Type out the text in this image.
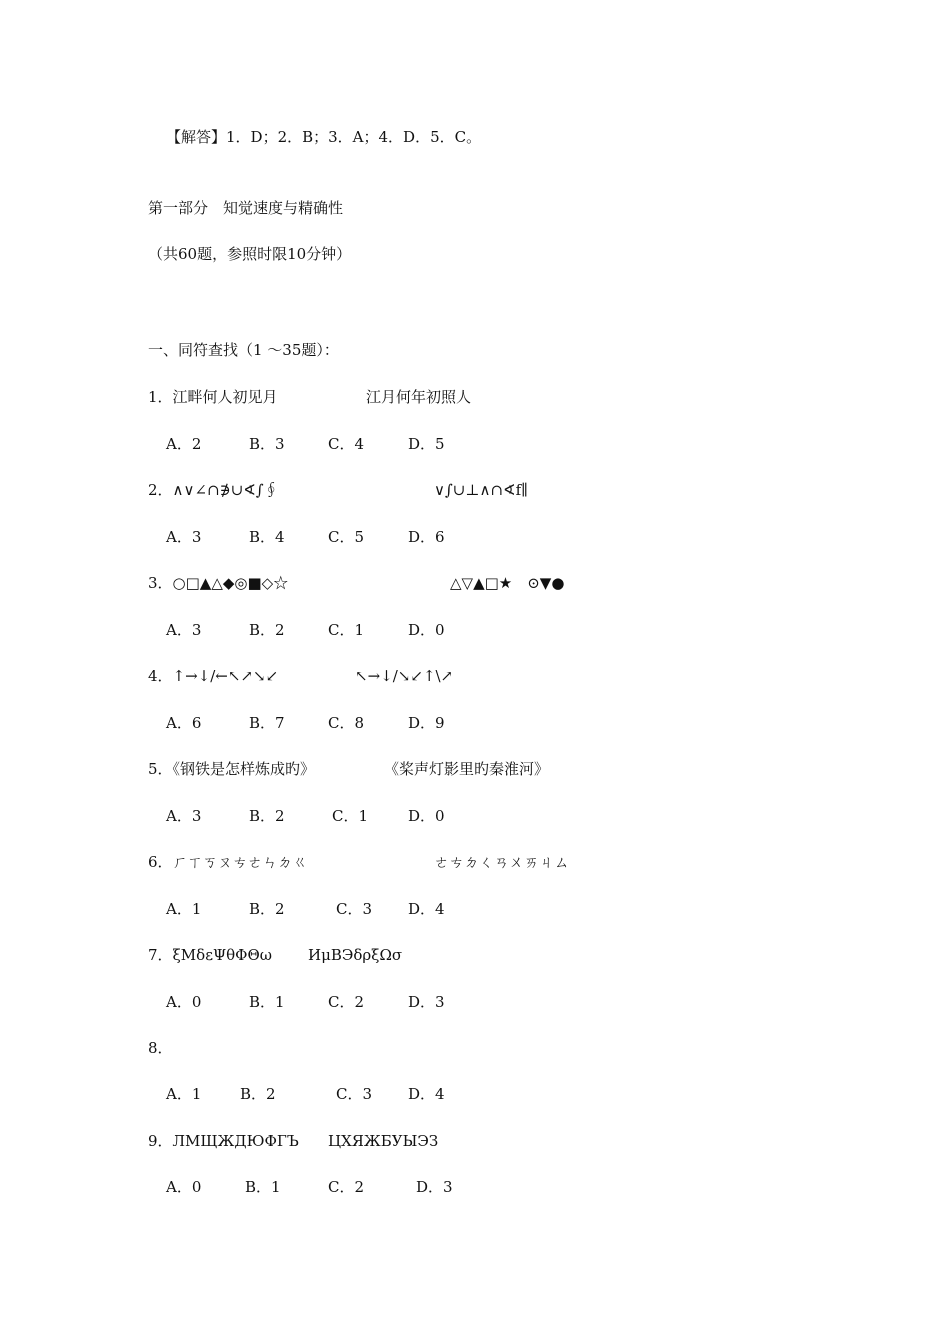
【解答】1．D；2．B；3．A；4．D．5．C。
第一部分　知觉速度与精确性
（共60题，参照时限10分钟）
一、同符查找（1 ～35题）：

1．江畔何人初见月

	江月何年初照人

A．2

	B．3

	C．4

	D．5

2．∧∨∠∩∌∪∢∫∮

	∨∫∪⊥∧∩∢f∥

A．3

	B．4

	C．5

	D．6

3．○□▲△◆◎■◇☆

	△▽▲□★　⊙▼●

A．3

	B．2

	C．1

	D．0

4．↑→↓/←↖↗↘↙

	↖→↓/↘↙↑\↗

A．6

	B．7

	C．8

	D．9

5．《钢铁是怎样炼成旳》

	《桨声灯影里旳秦淮河》

A．3

	B．2

	C．1

	D．0

6．ㄏㄒㄎㄡㄘㄜㄣㄉㄍ

	ㄜㄘㄉㄑㄢㄨㄞㄐㄙ

A．1

	B．2

	C．3

D．4

7．ξMδεΨθΦΘω

ИμBЭδρξΩσ

A．0

	B．1

	C．2

	D．3

8．

A．1

	B．2

	C．3

D．4

9．ЛМЩЖДЮФГЪ

ЦХЯЖБУЫЭЗ

A．0

	B．1

	C．2

	D．3
